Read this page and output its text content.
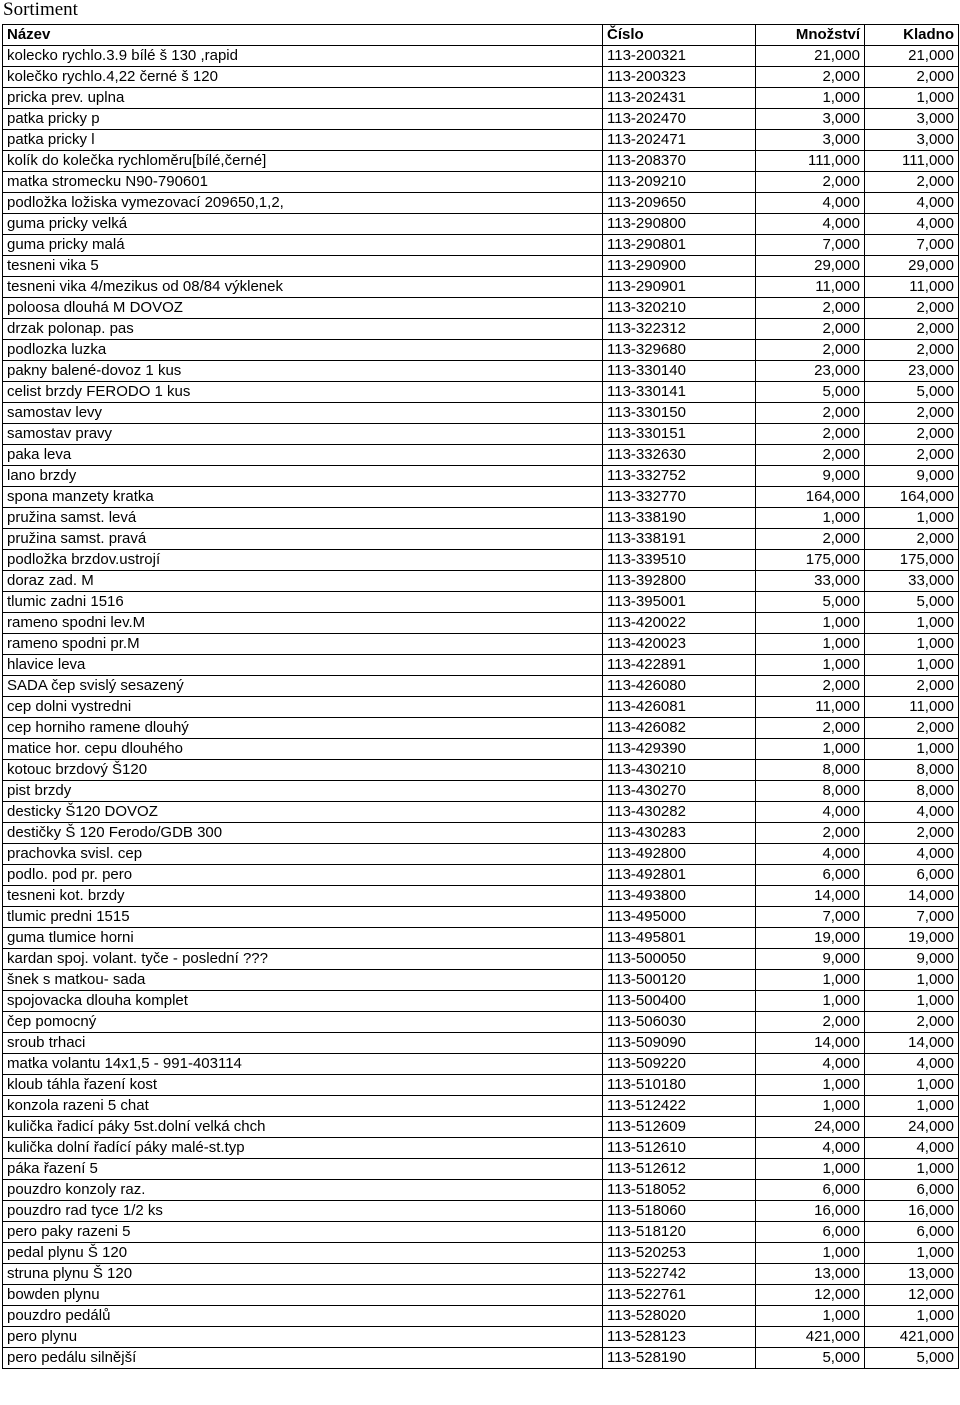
Sortiment
Název	Číslo	Množství	Kladno
kolecko rychlo.3.9 bílé š 130 ,rapid	113-200321	21,000	21,000
kolečko rychlo.4,22 černé š 120	113-200323	2,000	2,000
pricka prev. uplna	113-202431	1,000	1,000
patka pricky p	113-202470	3,000	3,000
patka pricky l	113-202471	3,000	3,000
kolík do kolečka rychloměru[bílé,černé]	113-208370	111,000	111,000
matka stromecku N90-790601	113-209210	2,000	2,000
podložka ložiska vymezovací 209650,1,2,	113-209650	4,000	4,000
guma pricky velká	113-290800	4,000	4,000
guma pricky malá	113-290801	7,000	7,000
tesneni vika 5	113-290900	29,000	29,000
tesneni vika 4/mezikus od 08/84 výklenek	113-290901	11,000	11,000
poloosa dlouhá M DOVOZ	113-320210	2,000	2,000
drzak polonap. pas	113-322312	2,000	2,000
podlozka luzka	113-329680	2,000	2,000
pakny balené-dovoz 1 kus	113-330140	23,000	23,000
celist brzdy FERODO 1 kus	113-330141	5,000	5,000
samostav levy	113-330150	2,000	2,000
samostav pravy	113-330151	2,000	2,000
paka leva	113-332630	2,000	2,000
lano brzdy	113-332752	9,000	9,000
spona manzety kratka	113-332770	164,000	164,000
pružina samst. levá	113-338190	1,000	1,000
pružina samst. pravá	113-338191	2,000	2,000
podložka brzdov.ustrojí	113-339510	175,000	175,000
doraz zad. M	113-392800	33,000	33,000
tlumic zadni 1516	113-395001	5,000	5,000
rameno spodni lev.M	113-420022	1,000	1,000
rameno spodni pr.M	113-420023	1,000	1,000
hlavice leva	113-422891	1,000	1,000
SADA čep svislý sesazený	113-426080	2,000	2,000
cep dolni vystredni	113-426081	11,000	11,000
cep horniho ramene dlouhý	113-426082	2,000	2,000
matice hor. cepu dlouhého	113-429390	1,000	1,000
kotouc brzdový Š120	113-430210	8,000	8,000
pist brzdy	113-430270	8,000	8,000
desticky Š120 DOVOZ	113-430282	4,000	4,000
destičky Š 120 Ferodo/GDB 300	113-430283	2,000	2,000
prachovka svisl. cep	113-492800	4,000	4,000
podlo. pod pr. pero	113-492801	6,000	6,000
tesneni kot. brzdy	113-493800	14,000	14,000
tlumic predni 1515	113-495000	7,000	7,000
guma tlumice horni	113-495801	19,000	19,000
kardan spoj. volant. tyče - poslední ???	113-500050	9,000	9,000
šnek s matkou- sada	113-500120	1,000	1,000
spojovacka dlouha komplet	113-500400	1,000	1,000
čep pomocný	113-506030	2,000	2,000
sroub trhaci	113-509090	14,000	14,000
matka volantu 14x1,5 - 991-403114	113-509220	4,000	4,000
kloub táhla řazení kost	113-510180	1,000	1,000
konzola razeni 5 chat	113-512422	1,000	1,000
kulička řadicí páky 5st.dolní velká chch	113-512609	24,000	24,000
kulička dolní řadící páky malé-st.typ	113-512610	4,000	4,000
páka řazení 5	113-512612	1,000	1,000
pouzdro konzoly raz.	113-518052	6,000	6,000
pouzdro rad tyce 1/2 ks	113-518060	16,000	16,000
pero paky razeni 5	113-518120	6,000	6,000
pedal plynu Š 120	113-520253	1,000	1,000
struna plynu Š 120	113-522742	13,000	13,000
bowden plynu	113-522761	12,000	12,000
pouzdro pedálů	113-528020	1,000	1,000
pero plynu	113-528123	421,000	421,000
pero pedálu silnější	113-528190	5,000	5,000
